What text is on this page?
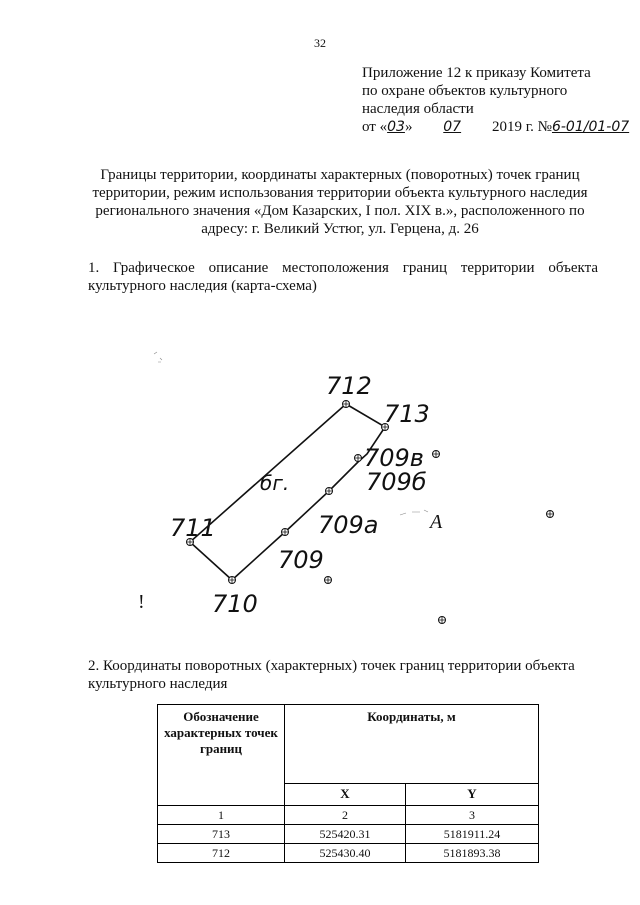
32
Приложение 12 к приказу Комитета
по охране объектов культурного
наследия области
от «03» 07 2019 г. №6-01/01-07
Границы территории, координаты характерных (поворотных) точек границ
территории, режим использования территории объекта культурного наследия
регионального значения «Дом Казарских, I пол. XIX в.», расположенного по
адресу: г. Великий Устюг, ул. Герцена, д. 26
1. Графическое описание местоположения границ территории объекта культурного наследия (карта-схема)
712
713
709в
709б
709а
709
711
710
бг.
А
!
2. Координаты поворотных (характерных) точек границ территории объекта культурного наследия
Обозначение характерных точек границ	Координаты, м	
	X	Y
1	2	3
713	525420.31	5181911.24
712	525430.40	5181893.38
